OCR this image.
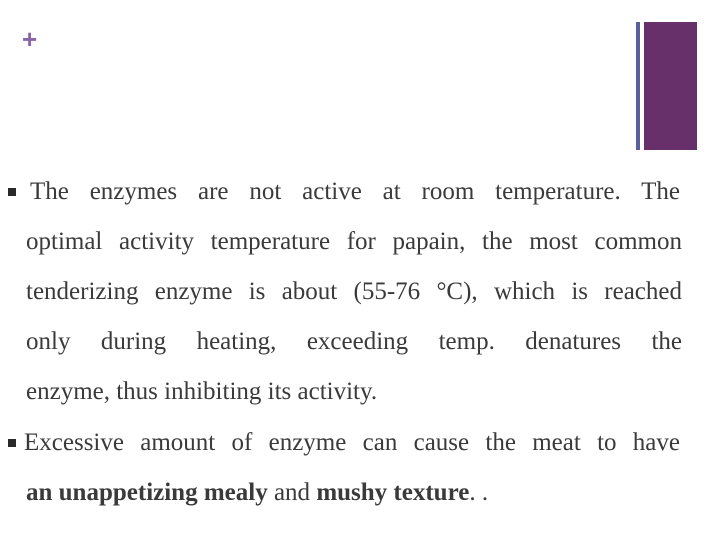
+
The enzymes are not active at room temperature. The
optimal activity temperature for papain, the most common
tenderizing enzyme is about (55-76 °C), which is reached
only during heating, exceeding temp. denatures the
enzyme, thus inhibiting its activity.
Excessive amount of enzyme can cause the meat to have
an unappetizing mealy and mushy texture. .
